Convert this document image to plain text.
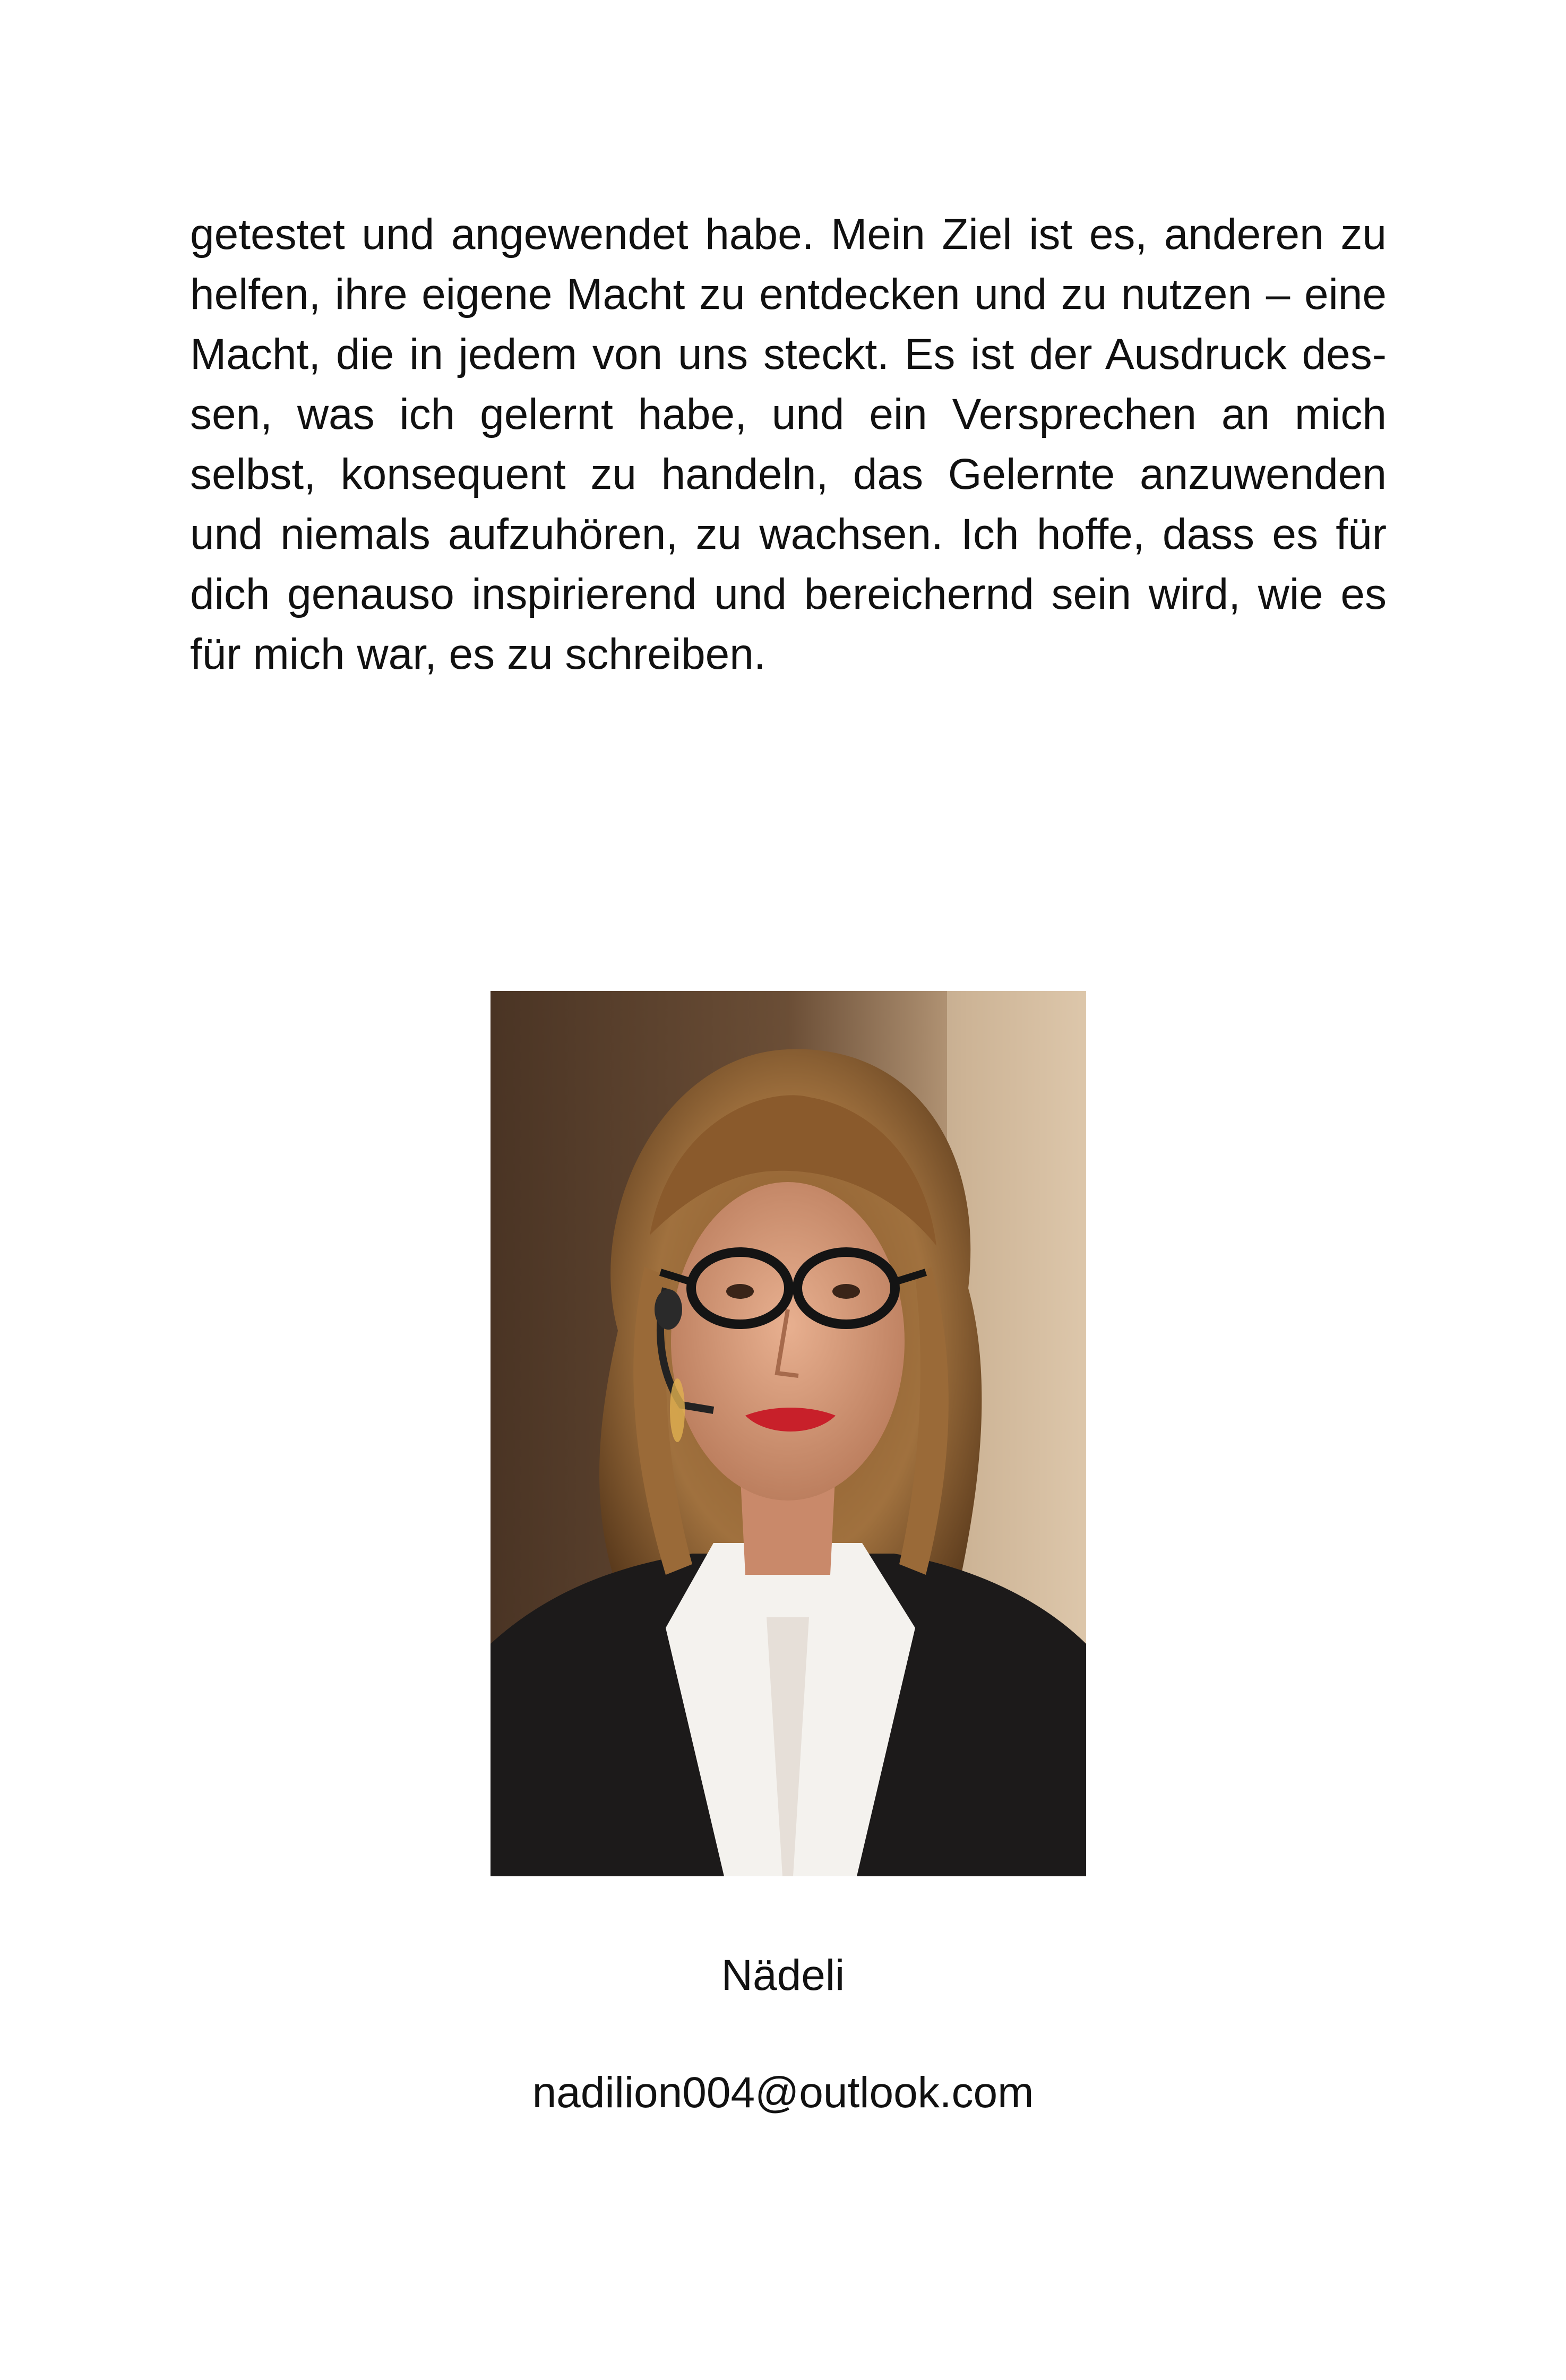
getestet und angewendet habe. Mein Ziel ist es, anderen zu
helfen, ihre eigene Macht zu entdecken und zu nutzen – eine
Macht, die in jedem von uns steckt. Es ist der Ausdruck des-
sen, was ich gelernt habe, und ein Versprechen an mich
selbst, konsequent zu handeln, das Gelernte anzuwenden
und niemals aufzuhören, zu wachsen. Ich hoffe, dass es für
dich genauso inspirierend und bereichernd sein wird, wie es
für mich war, es zu schreiben.
Nädeli
nadilion004@outlook.com
